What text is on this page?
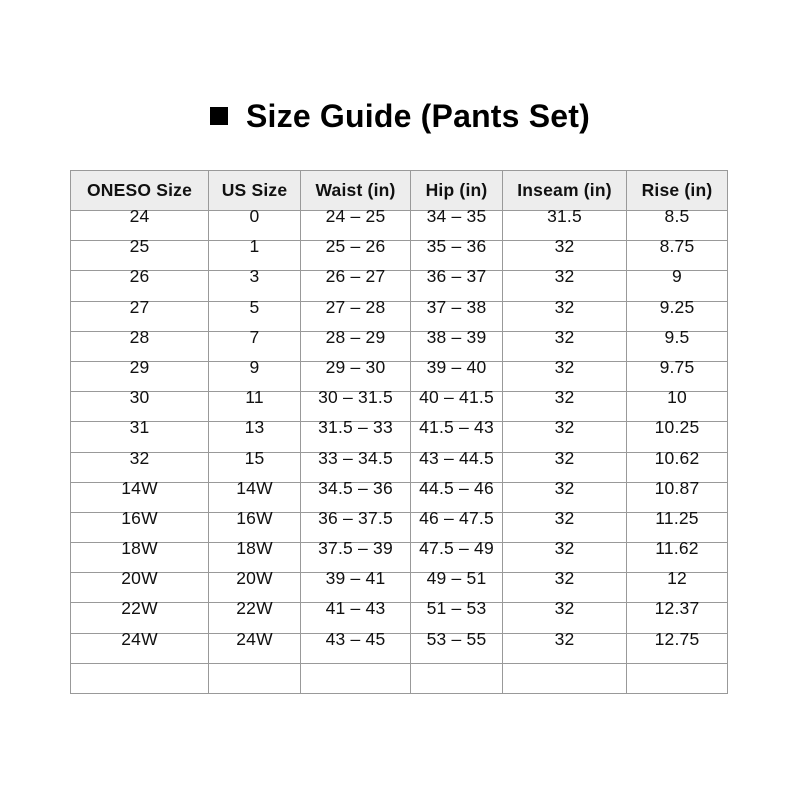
Size Guide (Pants Set)
ONESO Size	US Size	Waist (in)	Hip (in)	Inseam (in)	Rise (in)
24	0	24 – 25	34 – 35	31.5	8.5
25	1	25 – 26	35 – 36	32	8.75
26	3	26 – 27	36 – 37	32	9
27	5	27 – 28	37 – 38	32	9.25
28	7	28 – 29	38 – 39	32	9.5
29	9	29 – 30	39 – 40	32	9.75
30	11	30 – 31.5	40 – 41.5	32	10
31	13	31.5 – 33	41.5 – 43	32	10.25
32	15	33 – 34.5	43 – 44.5	32	10.62
14W	14W	34.5 – 36	44.5 – 46	32	10.87
16W	16W	36 – 37.5	46 – 47.5	32	11.25
18W	18W	37.5 – 39	47.5 – 49	32	11.62
20W	20W	39 – 41	49 – 51	32	12
22W	22W	41 – 43	51 – 53	32	12.37
24W	24W	43 – 45	53 – 55	32	12.75
